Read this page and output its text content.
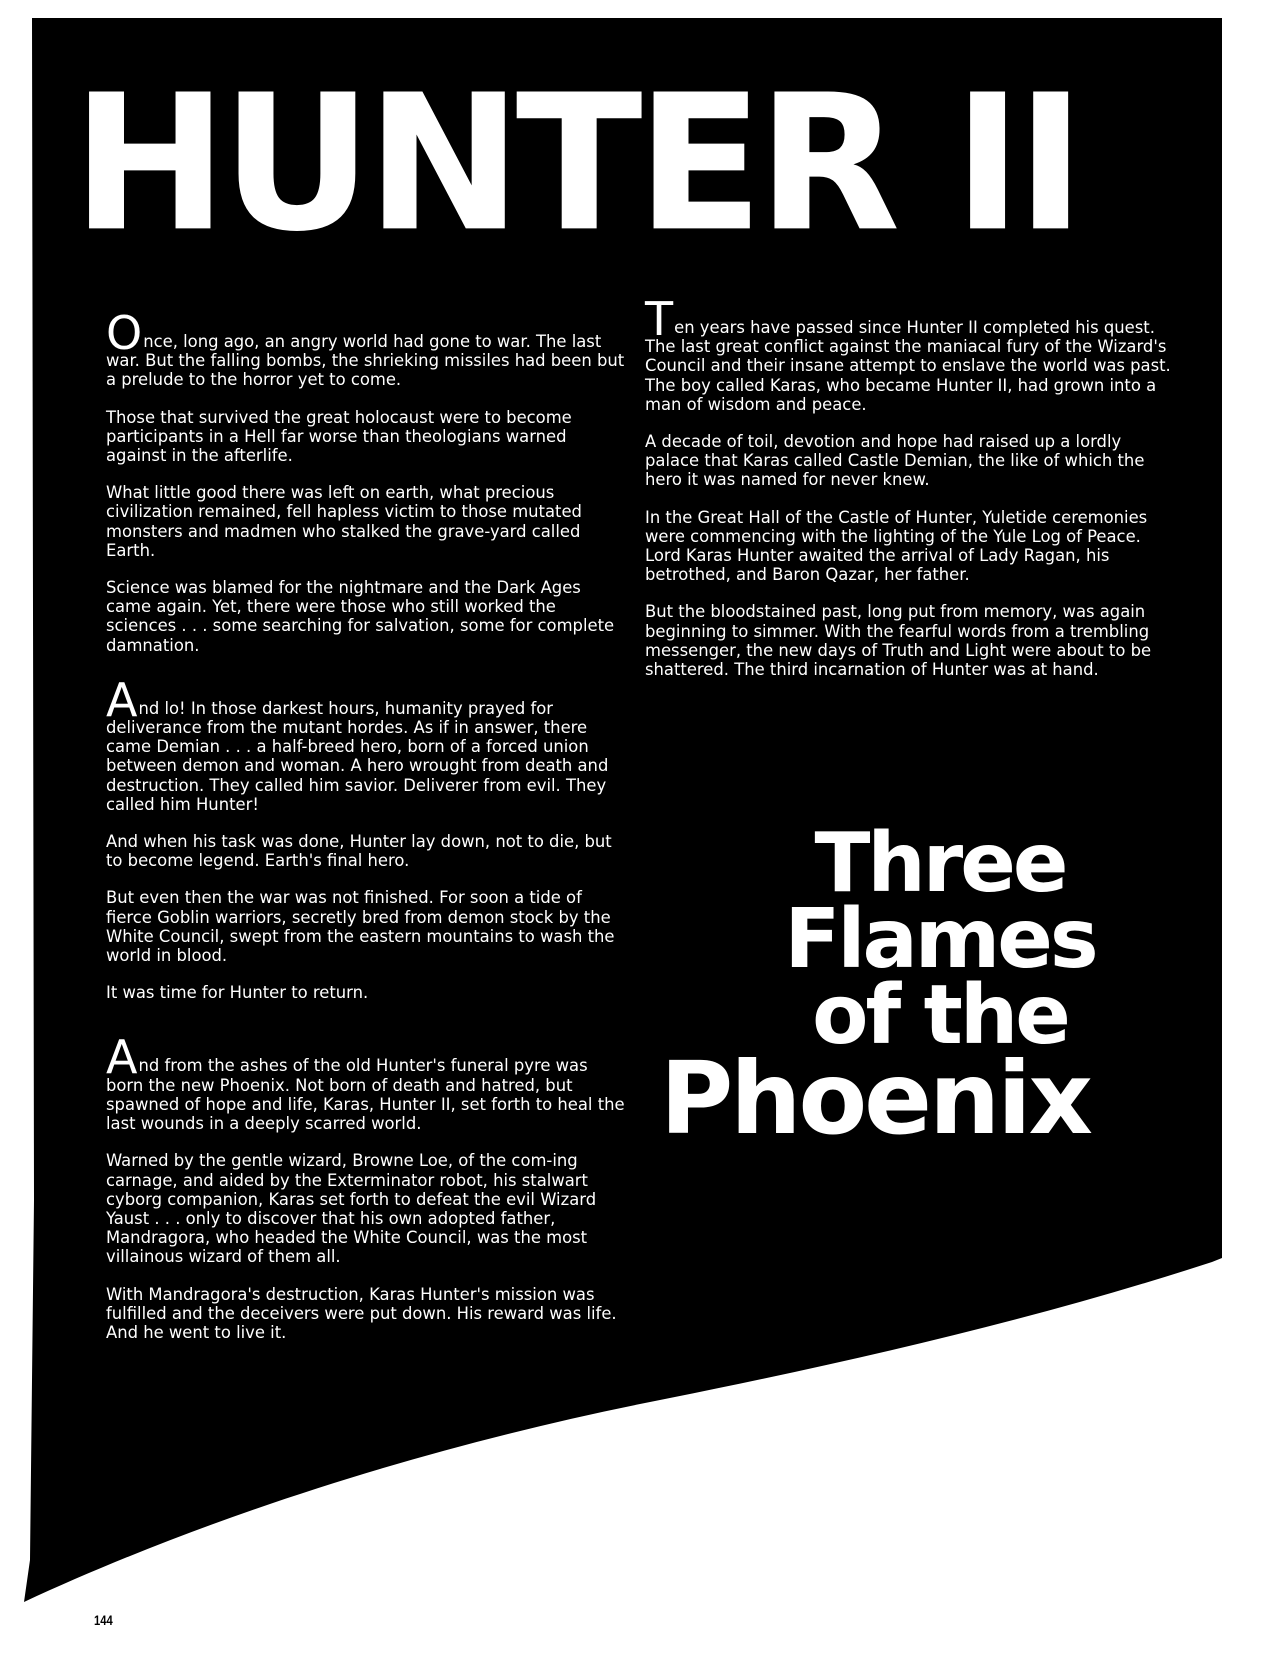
HUNTER II

Once, long ago, an angry world had gone to war. The last war. But the falling bombs, the shrieking missiles had been but a prelude to the horror yet to come.

Those that survived the great holocaust were to become participants in a Hell far worse than theologians warned against in the afterlife.

What little good there was left on earth, what precious civilization remained, fell hapless victim to those mutated monsters and madmen who stalked the grave-yard called Earth.

Science was blamed for the nightmare and the Dark Ages came again. Yet, there were those who still worked the sciences . . . some searching for salvation, some for complete damnation.

And lo! In those darkest hours, humanity prayed for deliverance from the mutant hordes. As if in answer, there came Demian . . . a half-breed hero, born of a forced union between demon and woman. A hero wrought from death and destruction. They called him savior. Deliverer from evil. They called him Hunter!

And when his task was done, Hunter lay down, not to die, but to become legend. Earth's final hero.

But even then the war was not finished. For soon a tide of fierce Goblin warriors, secretly bred from demon stock by the White Council, swept from the eastern mountains to wash the world in blood.

It was time for Hunter to return.

And from the ashes of the old Hunter's funeral pyre was born the new Phoenix. Not born of death and hatred, but spawned of hope and life, Karas, Hunter II, set forth to heal the last wounds in a deeply scarred world.

Warned by the gentle wizard, Browne Loe, of the com-ing carnage, and aided by the Exterminator robot, his stalwart cyborg companion, Karas set forth to defeat the evil Wizard Yaust . . . only to discover that his own adopted father, Mandragora, who headed the White Council, was the most villainous wizard of them all.

With Mandragora's destruction, Karas Hunter's mission was fulfilled and the deceivers were put down. His reward was life. And he went to live it.

Ten years have passed since Hunter II completed his quest. The last great conflict against the maniacal fury of the Wizard's Council and their insane attempt to enslave the world was past. The boy called Karas, who became Hunter II, had grown into a man of wisdom and peace.

A decade of toil, devotion and hope had raised up a lordly palace that Karas called Castle Demian, the like of which the hero it was named for never knew.

In the Great Hall of the Castle of Hunter, Yuletide ceremonies were commencing with the lighting of the Yule Log of Peace. Lord Karas Hunter awaited the arrival of Lady Ragan, his betrothed, and Baron Qazar, her father.

But the bloodstained past, long put from memory, was again beginning to simmer. With the fearful words from a trembling messenger, the new days of Truth and Light were about to be shattered. The third incarnation of Hunter was at hand.

Three
Flames
of the
Phoenix
144
